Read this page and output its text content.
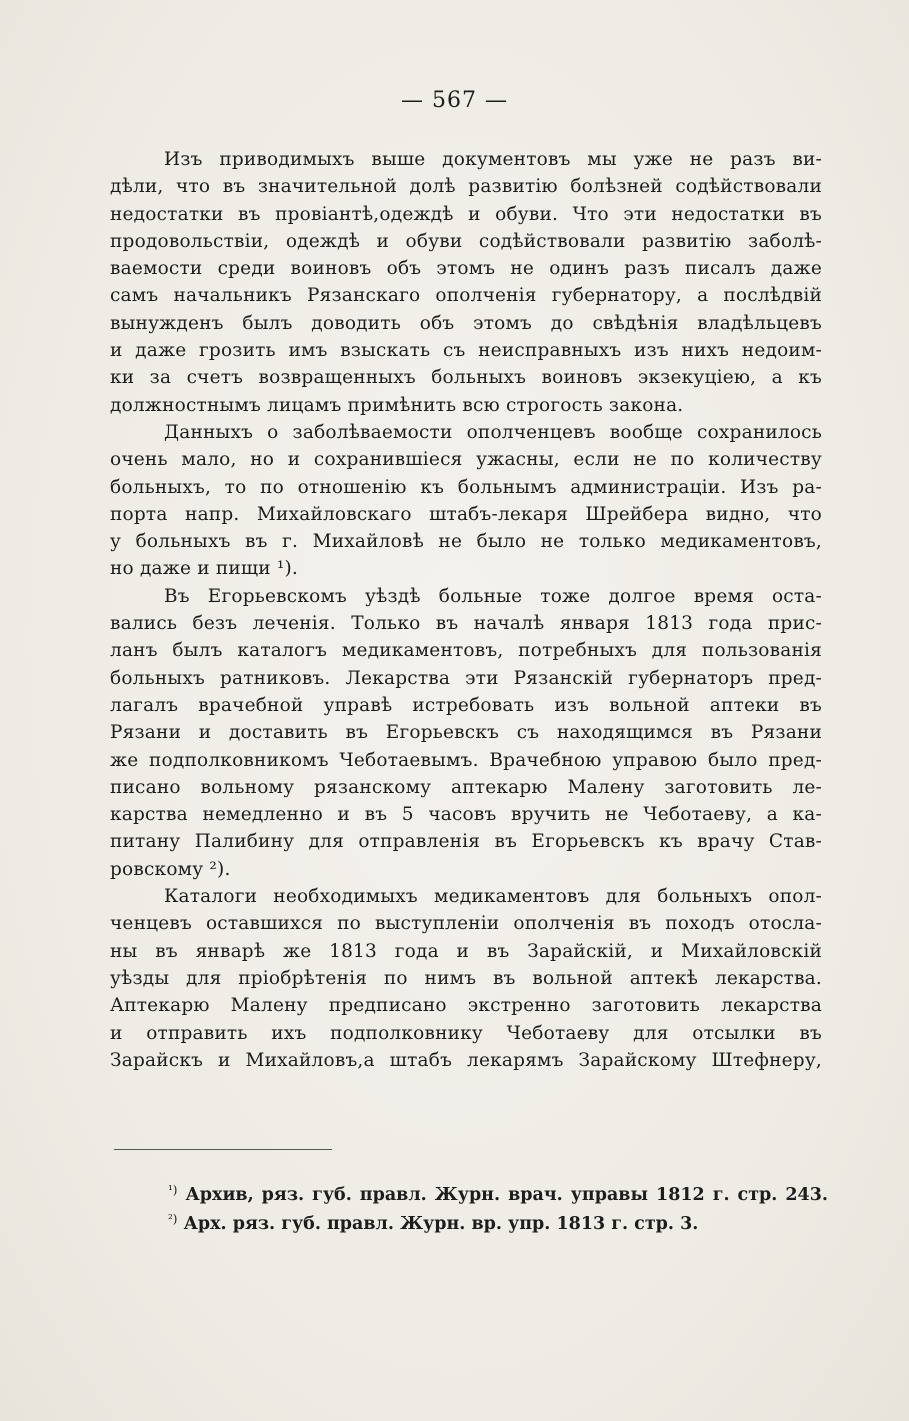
— 567 —
Изъ приводимыхъ выше документовъ мы уже не разъ ви-
дѣли, что въ значительной долѣ развитію болѣзней содѣйствовали
недостатки въ провіантѣ,одеждѣ и обуви. Что эти недостатки въ
продовольствіи, одеждѣ и обуви содѣйствовали развитію заболѣ-
ваемости среди воиновъ объ этомъ не одинъ разъ писалъ даже
самъ начальникъ Рязанскаго ополченія губернатору, а послѣдвій
вынужденъ былъ доводить объ этомъ до свѣдѣнія владѣльцевъ
и даже грозить имъ взыскать съ неисправныхъ изъ нихъ недоим-
ки за счетъ возвращенныхъ больныхъ воиновъ экзекуціею, а къ
должностнымъ лицамъ примѣнить всю строгость закона.
Данныхъ о заболѣваемости ополченцевъ вообще сохранилось
очень мало, но и сохранившіеся ужасны, если не по количеству
больныхъ, то по отношенію къ больнымъ администраціи. Изъ ра-
порта напр. Михайловскаго штабъ-лекаря Шрейбера видно, что
у больныхъ въ г. Михайловѣ не было не только медикаментовъ,
но даже и пищи ¹).
Въ Егорьевскомъ уѣздѣ больные тоже долгое время оста-
вались безъ леченія. Только въ началѣ января 1813 года прис-
ланъ былъ каталогъ медикаментовъ, потребныхъ для пользованія
больныхъ ратниковъ. Лекарства эти Рязанскій губернаторъ пред-
лагалъ врачебной управѣ истребовать изъ вольной аптеки въ
Рязани и доставить въ Егорьевскъ съ находящимся въ Рязани
же подполковникомъ Чеботаевымъ. Врачебною управою было пред-
писано вольному рязанскому аптекарю Малену заготовить ле-
карства немедленно и въ 5 часовъ вручить не Чеботаеву, а ка-
питану Палибину для отправленія въ Егорьевскъ къ врачу Став-
ровскому ²).
Каталоги необходимыхъ медикаментовъ для больныхъ опол-
ченцевъ оставшихся по выступленіи ополченія въ походъ отосла-
ны въ январѣ же 1813 года и въ Зарайскій, и Михайловскій
уѣзды для пріобрѣтенія по нимъ въ вольной аптекѣ лекарства.
Аптекарю Малену предписано экстренно заготовить лекарства
и отправить ихъ подполковнику Чеботаеву для отсылки въ
Зарайскъ и Михайловъ,а штабъ лекарямъ Зарайскому Штефнеру,
$^{^1)}$ Архив, ряз. губ. правл. Журн. врач. управы 1812 г. стр. 243.
$^{^2)}$ Арх. ряз. губ. правл. Журн. вр. упр. 1813 г. стр. 3.
